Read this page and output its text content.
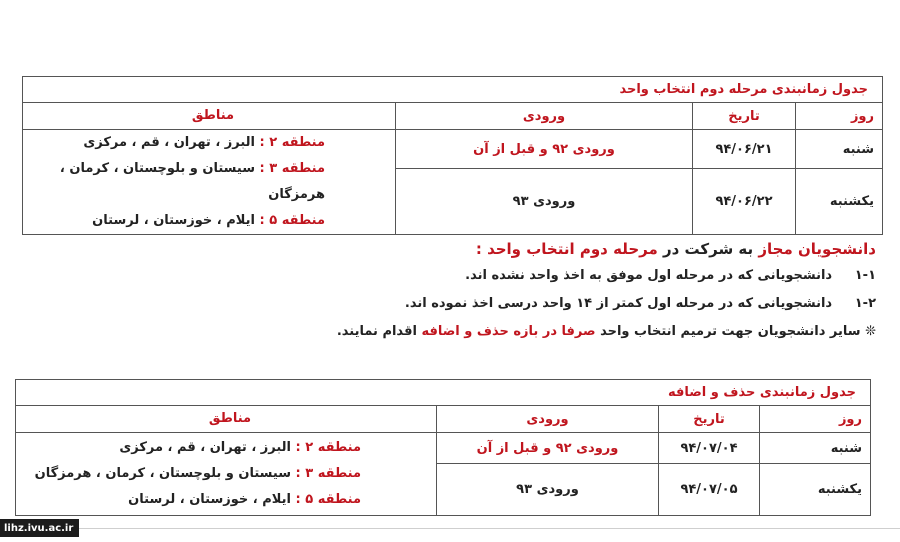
جدول زمانبندی مرحله دوم انتخاب واحد			
روز	تاریخ	ورودی	مناطق
شنبه	۹۴/۰۶/۲۱	ورودی ۹۲ و قبل از آن	منطقه ۲ : البرز ، تهران ، قم ، مرکزی
منطقه ۳ : سیستان و بلوچستان ، کرمان ، هرمزگان
منطقه ۵ : ایلام ، خوزستان ، لرستان

یکشنبه	۹۴/۰۶/۲۲	ورودی ۹۳	
دانشجویان مجاز به شرکت در مرحله دوم انتخاب واحد :
۱-۱     دانشجویانی که در مرحله اول موفق به اخذ واحد نشده اند.
۱-۲     دانشجویانی که در مرحله اول کمتر از ۱۴ واحد درسی اخذ نموده اند.
❊ سایر دانشجویان جهت ترمیم انتخاب واحد صرفا در بازه حذف و اضافه اقدام نمایند.
جدول زمانبندی حذف و اضافه			
روز	تاریخ	ورودی	مناطق
شنبه	۹۴/۰۷/۰۴	ورودی ۹۲ و قبل از آن	منطقه ۲ : البرز ، تهران ، قم ، مرکزی
منطقه ۳ : سیستان و بلوچستان ، کرمان ، هرمزگان
منطقه ۵ : ایلام ، خوزستان ، لرستان

یکشنبه	۹۴/۰۷/۰۵	ورودی ۹۳	
lihz.ivu.ac.ir
